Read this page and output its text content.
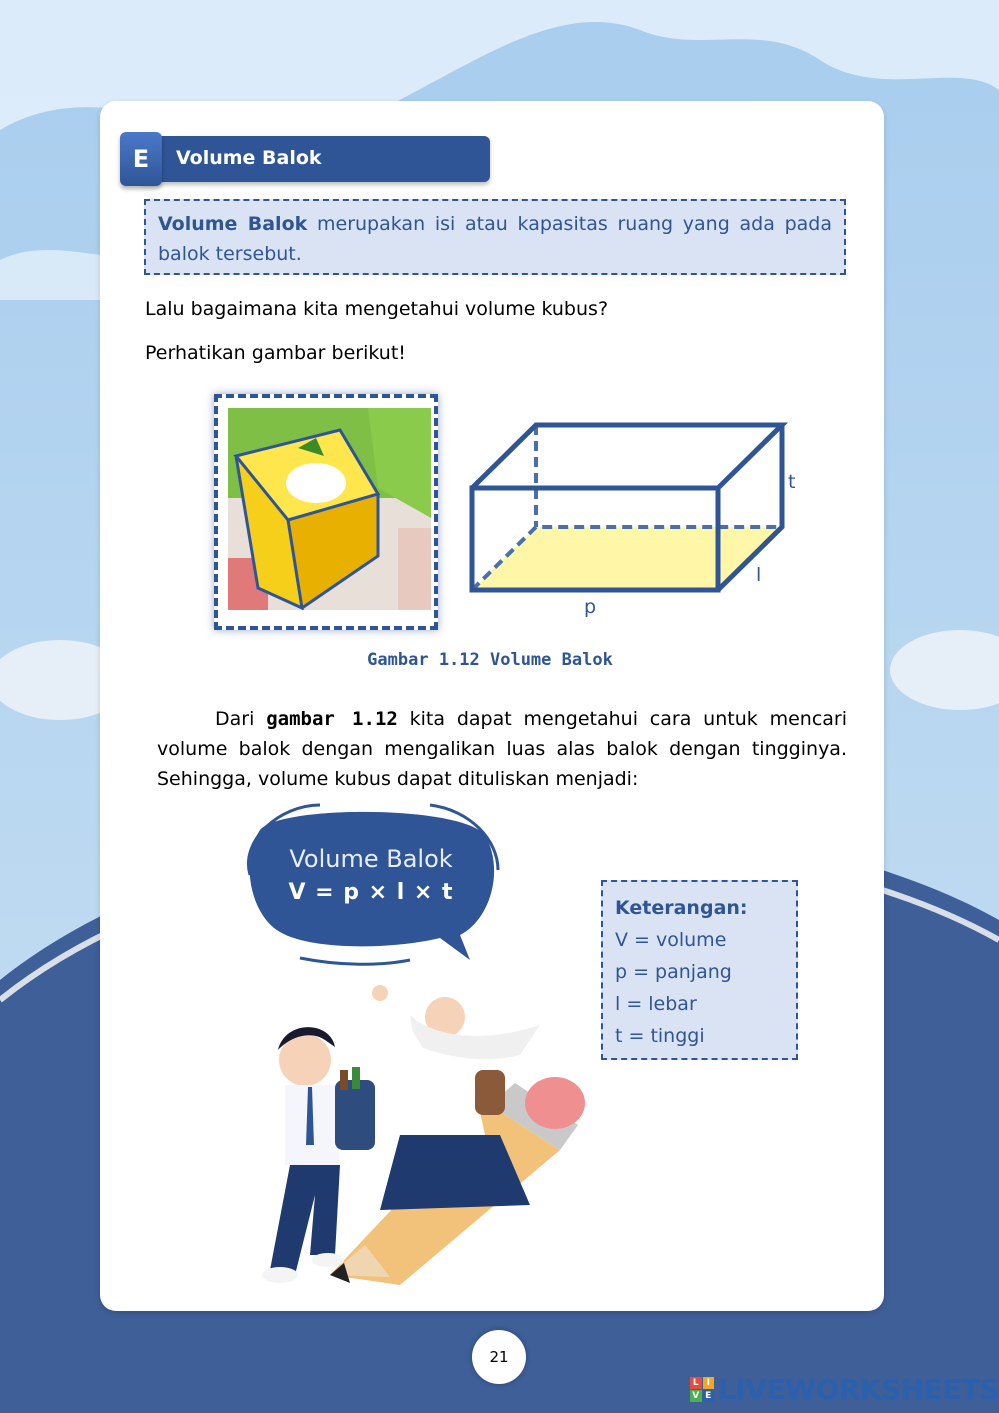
E	Volume Balok
Volume Balok merupakan isi atau kapasitas ruang yang ada pada balok tersebut.
Lalu bagaimana kita mengetahui volume kubus?
Perhatikan gambar berikut!
t
l
p
Gambar 1.12 Volume Balok
Dari gambar 1.12 kita dapat mengetahui cara untuk mencari volume balok dengan mengalikan luas alas balok dengan tingginya. Sehingga, volume kubus dapat dituliskan menjadi:
Volume Balok
V = p × l × t
Keterangan:
V = volume
p = panjang
l = lebar
t = tinggi
21
L I
V E LIVEWORKSHEETS
